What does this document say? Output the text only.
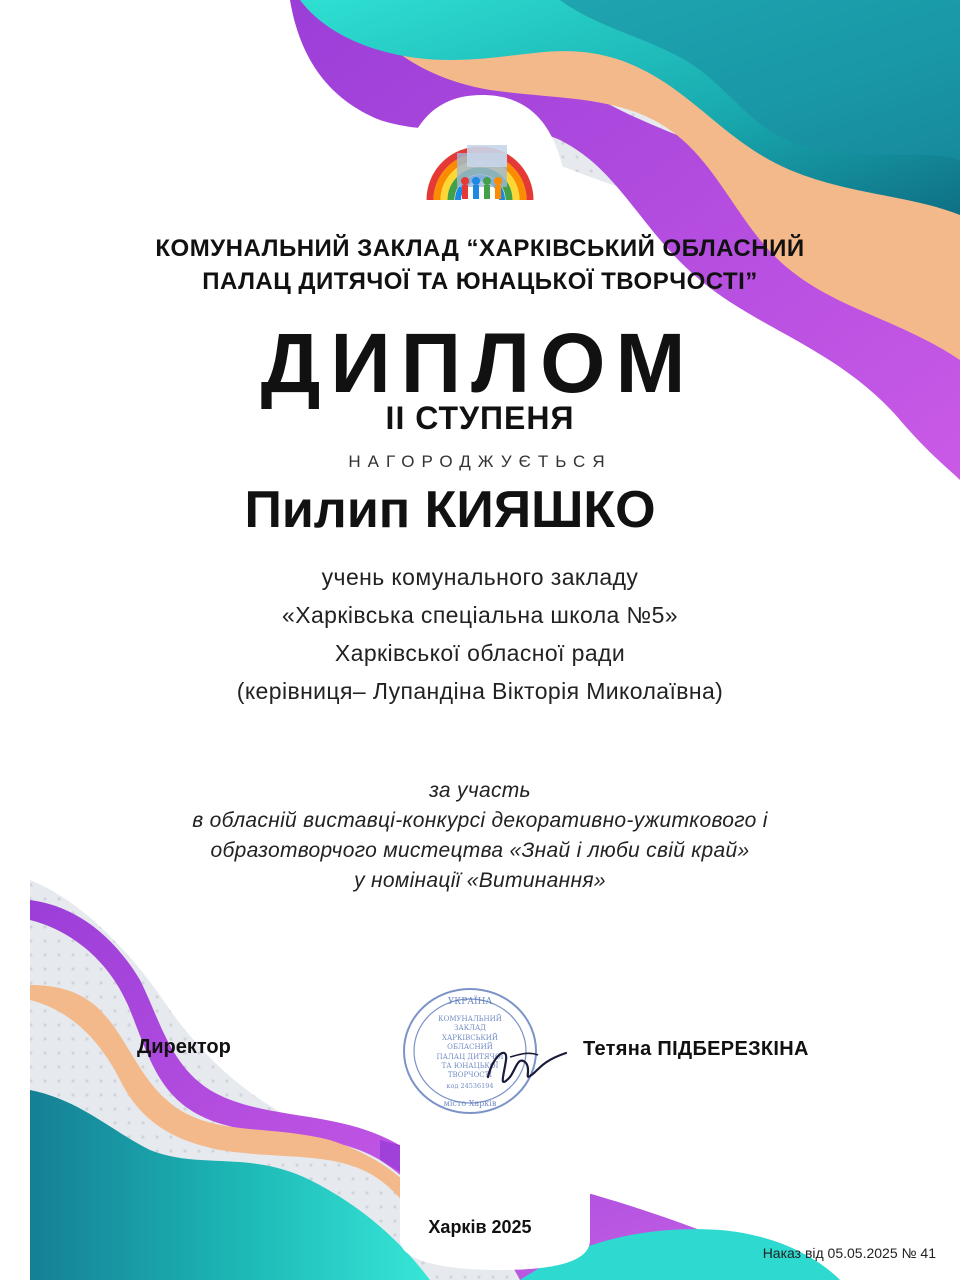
КОМУНАЛЬНИЙ ЗАКЛАД “ХАРКІВСЬКИЙ ОБЛАСНИЙ
ПАЛАЦ ДИТЯЧОЇ ТА ЮНАЦЬКОЇ ТВОРЧОСТІ”
ДИПЛОМ
ІІ СТУПЕНЯ
НАГОРОДЖУЄТЬСЯ
Пилип КИЯШКО
учень комунального закладу
«Харківська спеціальна школа №5»
Харківської обласної ради
(керівниця– Лупандіна Вікторія Миколаївна)
за участь
в обласній виставці-конкурсі декоративно-ужиткового і
образотворчого мистецтва «Знай і люби свій край»
у номінації «Витинання»
УКРАЇНА
КОМУНАЛЬНИЙ
ЗАКЛАД
ХАРКІВСЬКИЙ
ОБЛАСНИЙ
ПАЛАЦ ДИТЯЧОЇ
ТА ЮНАЦЬКОЇ
ТВОРЧОСТІ
код 24536194
місто Харків
Директор	Тетяна ПІДБЕРЕЗКІНА
Харків 2025
Наказ від 05.05.2025 № 41
